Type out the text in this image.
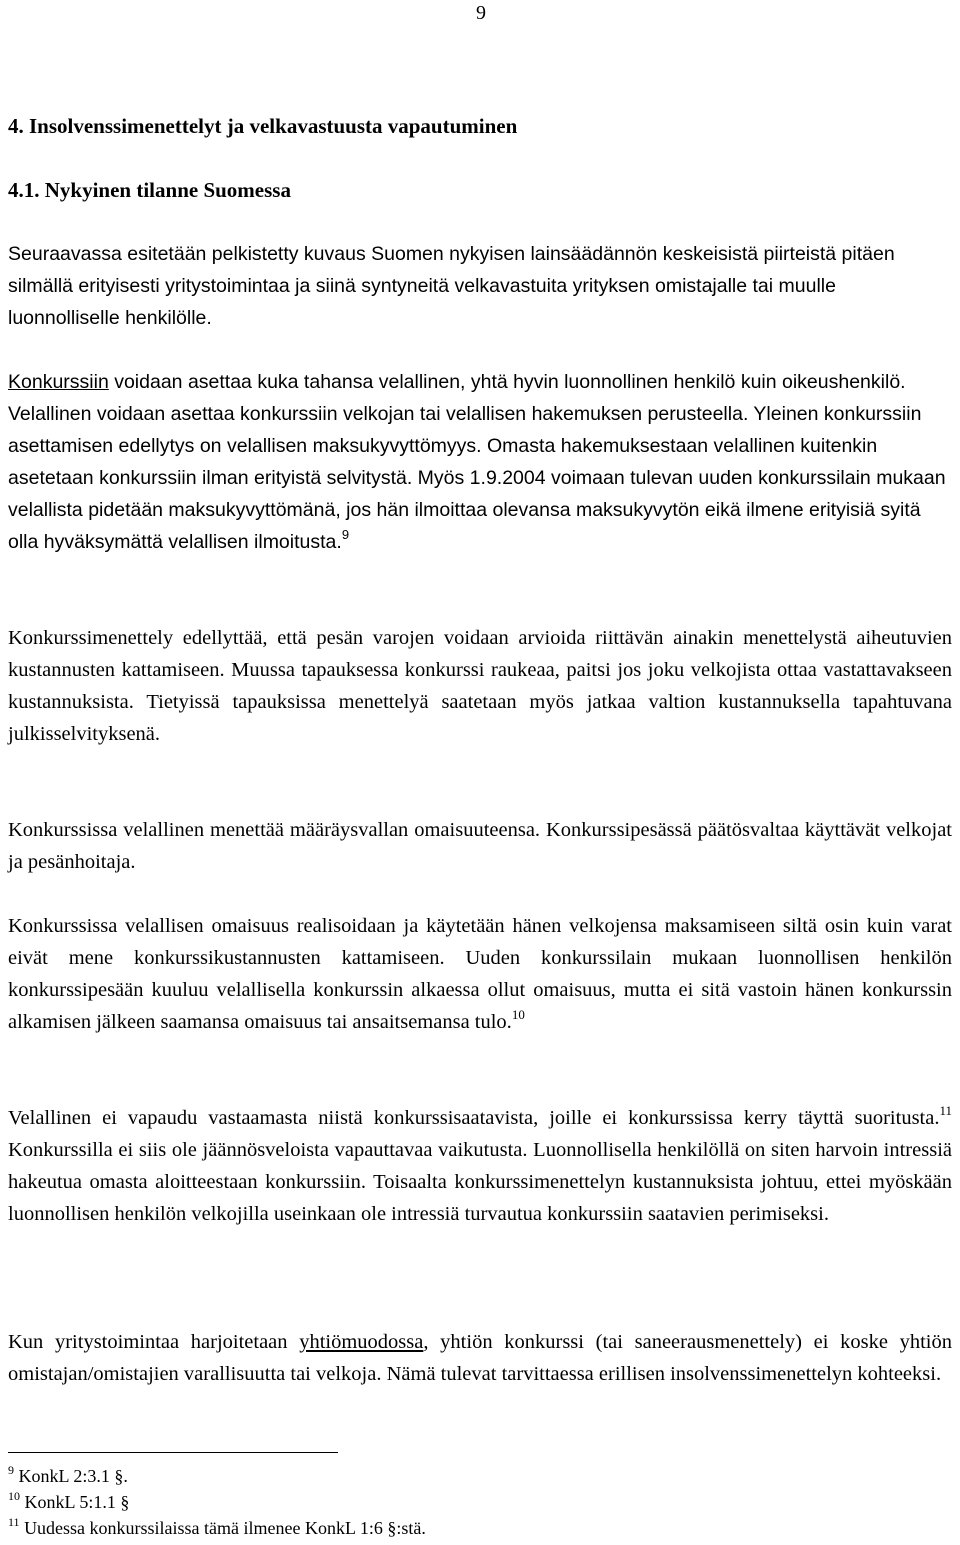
9
4. Insolvenssimenettelyt ja velkavastuusta vapautuminen
4.1. Nykyinen tilanne Suomessa

Seuraavassa esitetään pelkistetty kuvaus Suomen nykyisen lainsäädännön keskeisistä piirteistä pitäen silmällä erityisesti yritystoimintaa ja siinä syntyneitä velkavastuita yrityksen omistajalle tai muulle luonnolliselle henkilölle.

Konkurssiin voidaan asettaa kuka tahansa velallinen, yhtä hyvin luonnollinen henkilö kuin oikeushenkilö. Velallinen voidaan asettaa konkurssiin velkojan tai velallisen hakemuksen perusteella. Yleinen konkurssiin asettamisen edellytys on velallisen maksukyvyttömyys. Omasta hakemuksestaan velallinen kuitenkin asetetaan konkurssiin ilman erityistä selvitystä. Myös 1.9.2004 voimaan tulevan uuden konkurssilain mukaan velallista pidetään maksukyvyttömänä, jos hän ilmoittaa olevansa maksukyvytön eikä ilmene erityisiä syitä olla hyväksymättä velallisen ilmoitusta.$^9$

Konkurssimenettely edellyttää, että pesän varojen voidaan arvioida riittävän ainakin menettelystä aiheutuvien kustannusten kattamiseen. Muussa tapauksessa konkurssi raukeaa, paitsi jos joku velkojista ottaa vastattavakseen kustannuksista. Tietyissä tapauksissa menettelyä saatetaan myös jatkaa valtion kustannuksella tapahtuvana julkisselvityksenä.

Konkurssissa velallinen menettää määräysvallan omaisuuteensa. Konkurssipesässä päätösvaltaa käyttävät velkojat ja pesänhoitaja.

Konkurssissa velallisen omaisuus realisoidaan ja käytetään hänen velkojensa maksamiseen siltä osin kuin varat eivät mene konkurssikustannusten kattamiseen. Uuden konkurssilain mukaan luonnollisen henkilön konkurssipesään kuuluu velallisella konkurssin alkaessa ollut omaisuus, mutta ei sitä vastoin hänen konkurssin alkamisen jälkeen saamansa omaisuus tai ansaitsemansa tulo.$^{10}$

Velallinen ei vapaudu vastaamasta niistä konkurssisaatavista, joille ei konkurssissa kerry täyttä suoritusta.$^{11}$ Konkurssilla ei siis ole jäännösveloista vapauttavaa vaikutusta. Luonnollisella henkilöllä on siten harvoin intressiä hakeutua omasta aloitteestaan konkurssiin. Toisaalta konkurssimenettelyn kustannuksista johtuu, ettei myöskään luonnollisen henkilön velkojilla useinkaan ole intressiä turvautua konkurssiin saatavien perimiseksi.

Kun yritystoimintaa harjoitetaan yhtiömuodossa, yhtiön konkurssi (tai saneerausmenettely) ei koske yhtiön omistajan/omistajien varallisuutta tai velkoja. Nämä tulevat tarvittaessa erillisen insolvenssimenettelyn kohteeksi.

$^9$ KonkL 2:3.1 §.

$^{10}$ KonkL 5:1.1 §

$^{11}$ Uudessa konkurssilaissa tämä ilmenee KonkL 1:6 §:stä.
